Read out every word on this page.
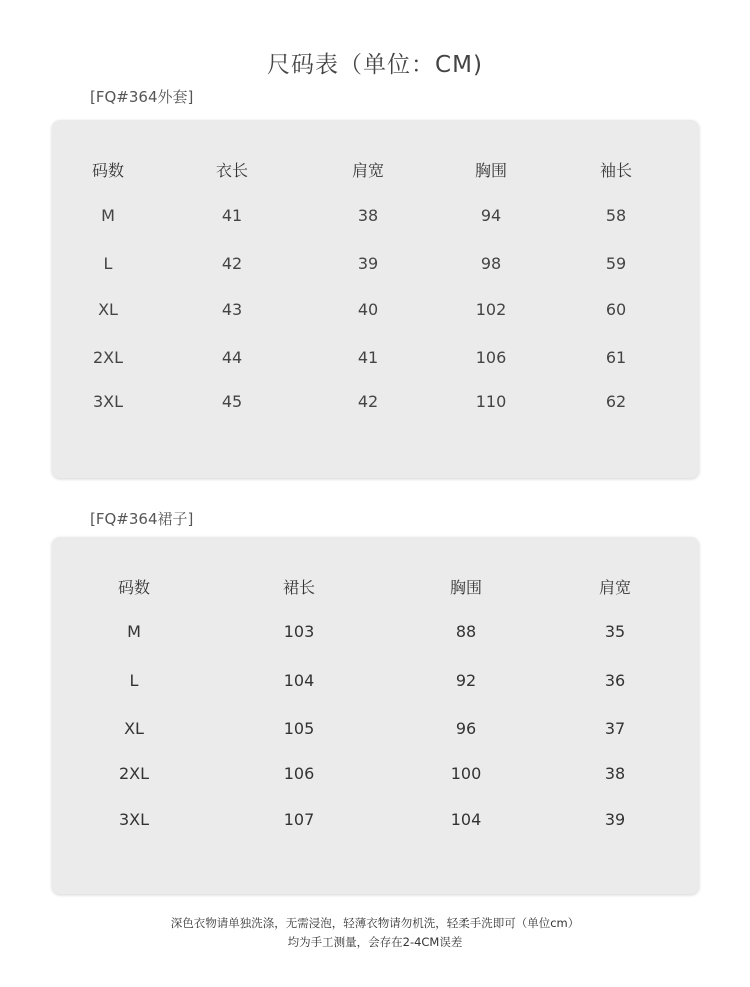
尺码表（单位：CM)
[FQ#364外套]
码数	衣长	肩宽	胸围	袖长
M	41	38	94	58
L	42	39	98	59
XL	43	40	102	60
2XL	44	41	106	61
3XL	45	42	110	62
[FQ#364裙子]
码数	裙长	胸围	肩宽
M	103	88	35
L	104	92	36
XL	105	96	37
2XL	106	100	38
3XL	107	104	39
深色衣物请单独洗涤，无需浸泡，轻薄衣物请勿机洗，轻柔手洗即可（单位cm）
均为手工测量，会存在2-4CM误差
